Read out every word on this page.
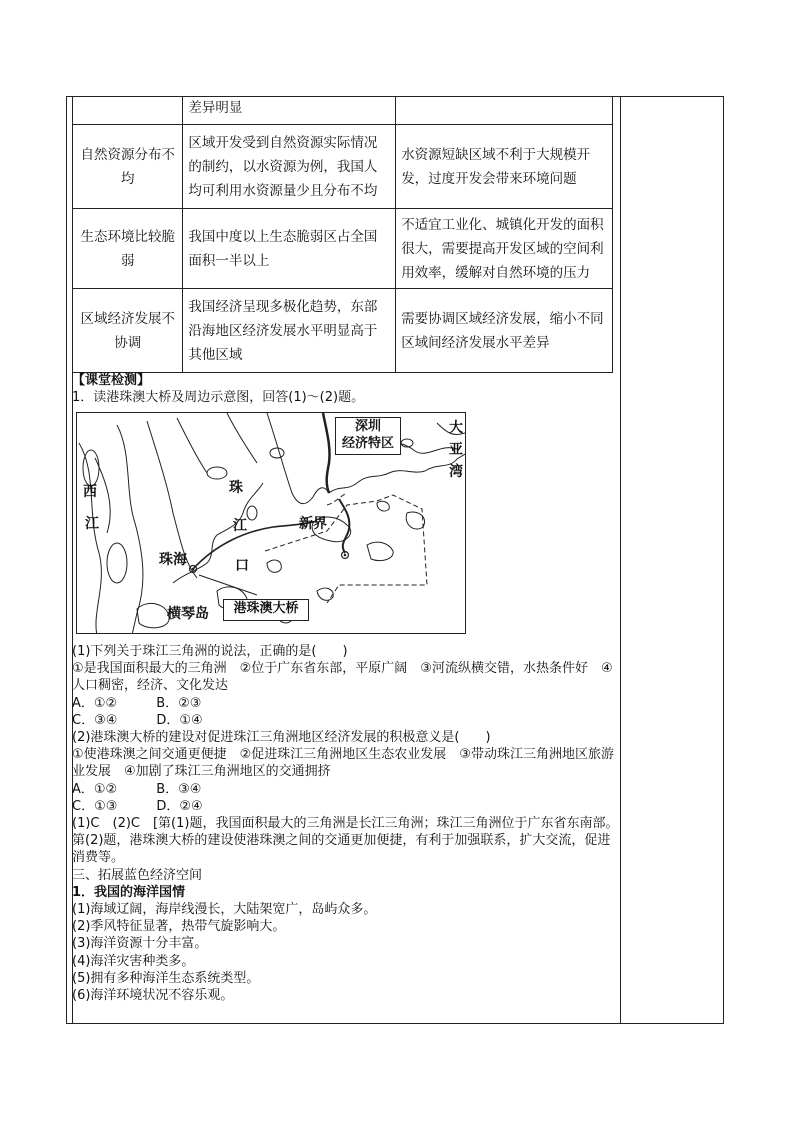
	差异明显	
自然资源分布不均	区域开发受到自然资源实际情况的制约，以水资源为例，我国人均可利用水资源量少且分布不均	水资源短缺区域不利于大规模开发，过度开发会带来环境问题
生态环境比较脆弱	我国中度以上生态脆弱区占全国面积一半以上	不适宜工业化、城镇化开发的面积很大，需要提高开发区域的空间利用效率，缓解对自然环境的压力
区域经济发展不协调	我国经济呈现多极化趋势，东部沿海地区经济发展水平明显高于其他区域	需要协调区域经济发展，缩小不同区域间经济发展水平差异

【课堂检测】

1．读港珠澳大桥及周边示意图，回答(1)～(2)题。

西
江
珠
江
口
珠海
横琴岛
新界
大
亚
湾
深圳
经济特区
港珠澳大桥

(1)下列关于珠江三角洲的说法，正确的是(　　)

①是我国面积最大的三角洲　②位于广东省东部，平原广阔　③河流纵横交错，水热条件好　④人口稠密，经济、文化发达

A．①②　　　B．②③

C．③④　　　D．①④

(2)港珠澳大桥的建设对促进珠江三角洲地区经济发展的积极意义是(　　)

①使港珠澳之间交通更便捷　②促进珠江三角洲地区生态农业发展　③带动珠江三角洲地区旅游业发展　④加剧了珠江三角洲地区的交通拥挤

A．①②　　　B．③④

C．①③　　　D．②④

(1)C　(2)C　[第(1)题，我国面积最大的三角洲是长江三角洲；珠江三角洲位于广东省东南部。第(2)题，港珠澳大桥的建设使港珠澳之间的交通更加便捷，有利于加强联系，扩大交流，促进消费等。

三、拓展蓝色经济空间

1．我国的海洋国情

(1)海域辽阔，海岸线漫长，大陆架宽广，岛屿众多。

(2)季风特征显著，热带气旋影响大。

(3)海洋资源十分丰富。

(4)海洋灾害种类多。

(5)拥有多种海洋生态系统类型。

(6)海洋环境状况不容乐观。
